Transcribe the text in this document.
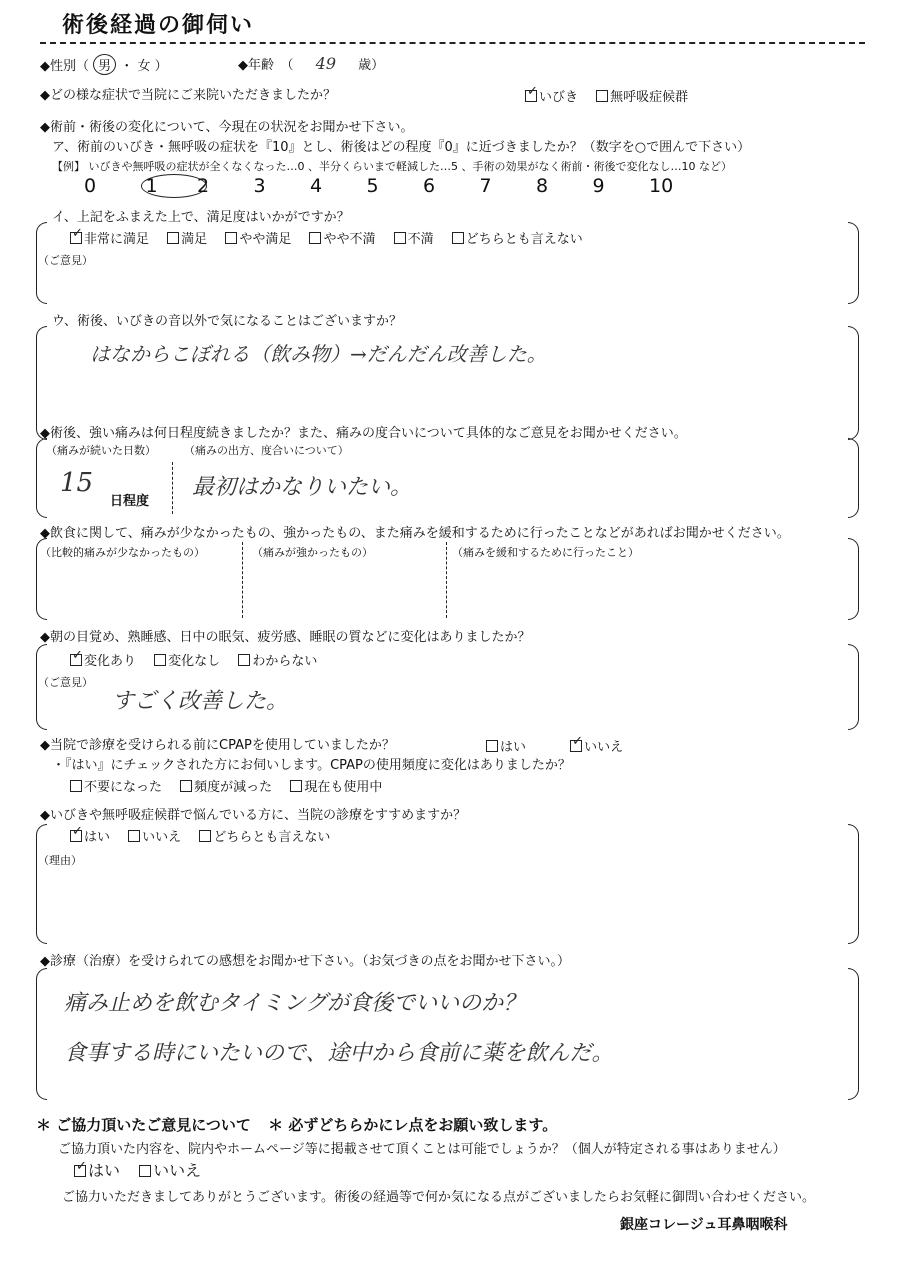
術後経過の御伺い
◆性別（ 男 ・ 女 ）	◆年齢　（ 49 歳）
◆どの様な症状で当院にご来院いただきましたか？ ✓	いびき 無呼吸症候群
◆術前・術後の変化について、今現在の状況をお聞かせ下さい。
ア、術前のいびき・無呼吸の症状を『10』とし、術後はどの程度『0』に近づきましたか？（数字を○で囲んで下さい）
【例】 いびきや無呼吸の症状が全くなくなった…0 、半分くらいまで軽減した…5 、手術の効果がなく術前・術後で変化なし…10 など）
0	1 2 3 4 5 6 7 8 9 10
イ、上記をふまえた上で、満足度はいかがですか？
✓非常に満足 満足 やや満足 やや不満 不満 どちらとも言えない
（ご意見）
ウ、術後、いびきの音以外で気になることはございますか？
はなからこぼれる（飲み物）→だんだん改善した。
◆術後、強い痛みは何日程度続きましたか？また、痛みの度合いについて具体的なご意見をお聞かせください。
（痛みが続いた日数）	（痛みの出方、度合いについて）
15
日程度
最初はかなりいたい。
◆飲食に関して、痛みが少なかったもの、強かったもの、また痛みを緩和するために行ったことなどがあればお聞かせください。
（比較的痛みが少なかったもの）	（痛みが強かったもの）	（痛みを緩和するために行ったこと）
◆朝の目覚め、熟睡感、日中の眠気、疲労感、睡眠の質などに変化はありましたか？
✓変化あり 変化なし わからない
（ご意見）
すごく改善した。
◆当院で診療を受けられる前にCPAPを使用していましたか？	はい ✓	いいえ
・『はい』にチェックされた方にお伺いします。CPAPの使用頻度に変化はありましたか？
不要になった 頻度が減った 現在も使用中
◆いびきや無呼吸症候群で悩んでいる方に、当院の診療をすすめますか？
✓はい いいえ どちらとも言えない
（理由）
◆診療（治療）を受けられての感想をお聞かせ下さい。（お気づきの点をお聞かせ下さい。）
痛み止めを飲むタイミングが食後でいいのか？
食事する時にいたいので、途中から食前に薬を飲んだ。
＊ ご協力頂いたご意見について ＊ 必ずどちらかにレ点をお願い致します。
ご協力頂いた内容を、院内やホームページ等に掲載させて頂くことは可能でしょうか？（個人が特定される事はありません）
✓はい いいえ
ご協力いただきましてありがとうございます。術後の経過等で何か気になる点がございましたらお気軽に御問い合わせください。
銀座コレージュ耳鼻咽喉科
